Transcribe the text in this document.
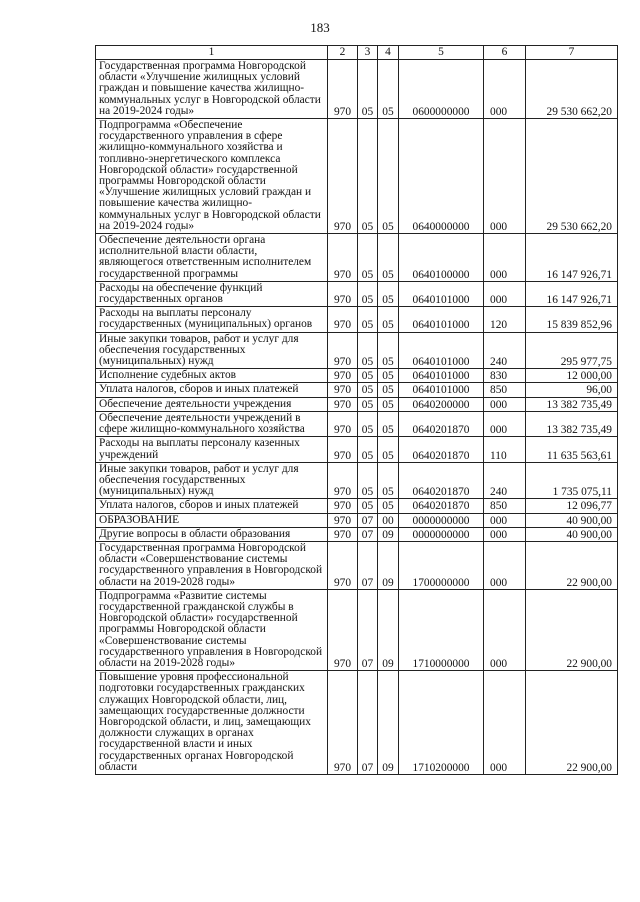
183
1	2	3	4	5	6	7
Государственная программа Новгородской области «Улучшение жилищных условий граждан и повышение качества жилищно-коммунальных услуг в Новгородской области на 2019-2024 годы»	970	05	05	0600000000	000	29 530 662,20
Подпрограмма «Обеспечение государственного управления в сфере жилищно-коммунального хозяйства и топливно-энергетического комплекса Новгородской области» государственной программы Новгородской области «Улучшение жилищных условий граждан и повышение качества жилищно-коммунальных услуг в Новгородской области на 2019-2024 годы»	970	05	05	0640000000	000	29 530 662,20
Обеспечение деятельности органа исполнительной власти области, являющегося ответственным исполнителем государственной программы	970	05	05	0640100000	000	16 147 926,71
Расходы на обеспечение функций государственных органов	970	05	05	0640101000	000	16 147 926,71
Расходы на выплаты персоналу государственных (муниципальных) органов	970	05	05	0640101000	120	15 839 852,96
Иные закупки товаров, работ и услуг для обеспечения государственных (муниципальных) нужд	970	05	05	0640101000	240	295 977,75
Исполнение судебных актов	970	05	05	0640101000	830	12 000,00
Уплата налогов, сборов и иных платежей	970	05	05	0640101000	850	96,00
Обеспечение деятельности учреждения	970	05	05	0640200000	000	13 382 735,49
Обеспечение деятельности учреждений в сфере жилищно-коммунального хозяйства	970	05	05	0640201870	000	13 382 735,49
Расходы на выплаты персоналу казенных учреждений	970	05	05	0640201870	110	11 635 563,61
Иные закупки товаров, работ и услуг для обеспечения государственных (муниципальных) нужд	970	05	05	0640201870	240	1 735 075,11
Уплата налогов, сборов и иных платежей	970	05	05	0640201870	850	12 096,77
ОБРАЗОВАНИЕ	970	07	00	0000000000	000	40 900,00
Другие вопросы в области образования	970	07	09	0000000000	000	40 900,00
Государственная программа Новгородской области «Совершенствование системы государственного управления в Новгородской области на 2019-2028 годы»	970	07	09	1700000000	000	22 900,00
Подпрограмма «Развитие системы государственной гражданской службы в Новгородской области» государственной программы Новгородской области «Совершенствование системы государственного управления в Новгородской области на 2019-2028 годы»	970	07	09	1710000000	000	22 900,00
Повышение уровня профессиональной подготовки государственных гражданских служащих Новгородской области, лиц, замещающих государственные должности Новгородской области, и лиц, замещающих должности служащих в органах государственной власти и иных государственных органах Новгородской области	970	07	09	1710200000	000	22 900,00
